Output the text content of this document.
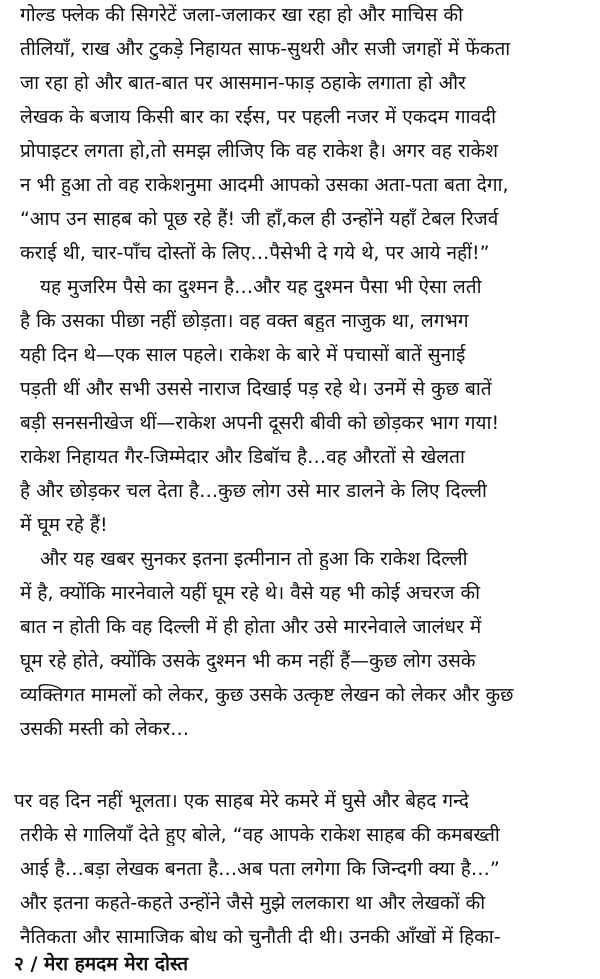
गोल्ड फ्लेक की सिगरेटें जला-जलाकर खा रहा हो और माचिस की
तीलियाँ, राख और टुकड़े निहायत साफ-सुथरी और सजी जगहों में फेंकता
जा रहा हो और बात-बात पर आसमान-फाड़ ठहाके लगाता हो और
लेखक के बजाय किसी बार का रईस, पर पहली नजर में एकदम गावदी
प्रोपाइटर लगता हो,तो समझ लीजिए कि वह राकेश है। अगर वह राकेश
न भी हुआ तो वह राकेशनुमा आदमी आपको उसका अता-पता बता देगा,
“आप उन साहब को पूछ रहे हैं! जी हाँ,कल ही उन्होंने यहाँ टेबल रिजर्व
कराई थी, चार-पाँच दोस्तों के लिए…पैसेभी दे गये थे, पर आये नहीं!”
यह मुजरिम पैसे का दुश्मन है…और यह दुश्मन पैसा भी ऐसा लती
है कि उसका पीछा नहीं छोड़ता। वह वक्त बहुत नाजुक था, लगभग
यही दिन थे—एक साल पहले। राकेश के बारे में पचासों बातें सुनाई
पड़ती थीं और सभी उससे नाराज दिखाई पड़ रहे थे। उनमें से कुछ बातें
बड़ी सनसनीखेज थीं—राकेश अपनी दूसरी बीवी को छोड़कर भाग गया!
राकेश निहायत गैर-जिम्मेदार और डिबॉच है…वह औरतों से खेलता
है और छोड़कर चल देता है…कुछ लोग उसे मार डालने के लिए दिल्ली
में घूम रहे हैं!
और यह खबर सुनकर इतना इत्मीनान तो हुआ कि राकेश दिल्ली
में है, क्योंकि मारनेवाले यहीं घूम रहे थे। वैसे यह भी कोई अचरज की
बात न होती कि वह दिल्ली में ही होता और उसे मारनेवाले जालंधर में
घूम रहे होते, क्योंकि उसके दुश्मन भी कम नहीं हैं—कुछ लोग उसके
व्यक्तिगत मामलों को लेकर, कुछ उसके उत्कृष्ट लेखन को लेकर और कुछ
उसकी मस्ती को लेकर…
पर वह दिन नहीं भूलता। एक साहब मेरे कमरे में घुसे और बेहद गन्दे
तरीके से गालियाँ देते हुए बोले, “वह आपके राकेश साहब की कमबख्ती
आई है…बड़ा लेखक बनता है…अब पता लगेगा कि जिन्दगी क्या है…”
और इतना कहते-कहते उन्होंने जैसे मुझे ललकारा था और लेखकों की
नैतिकता और सामाजिक बोध को चुनौती दी थी। उनकी आँखों में हिका-
२ / मेरा हमदम मेरा दोस्त
